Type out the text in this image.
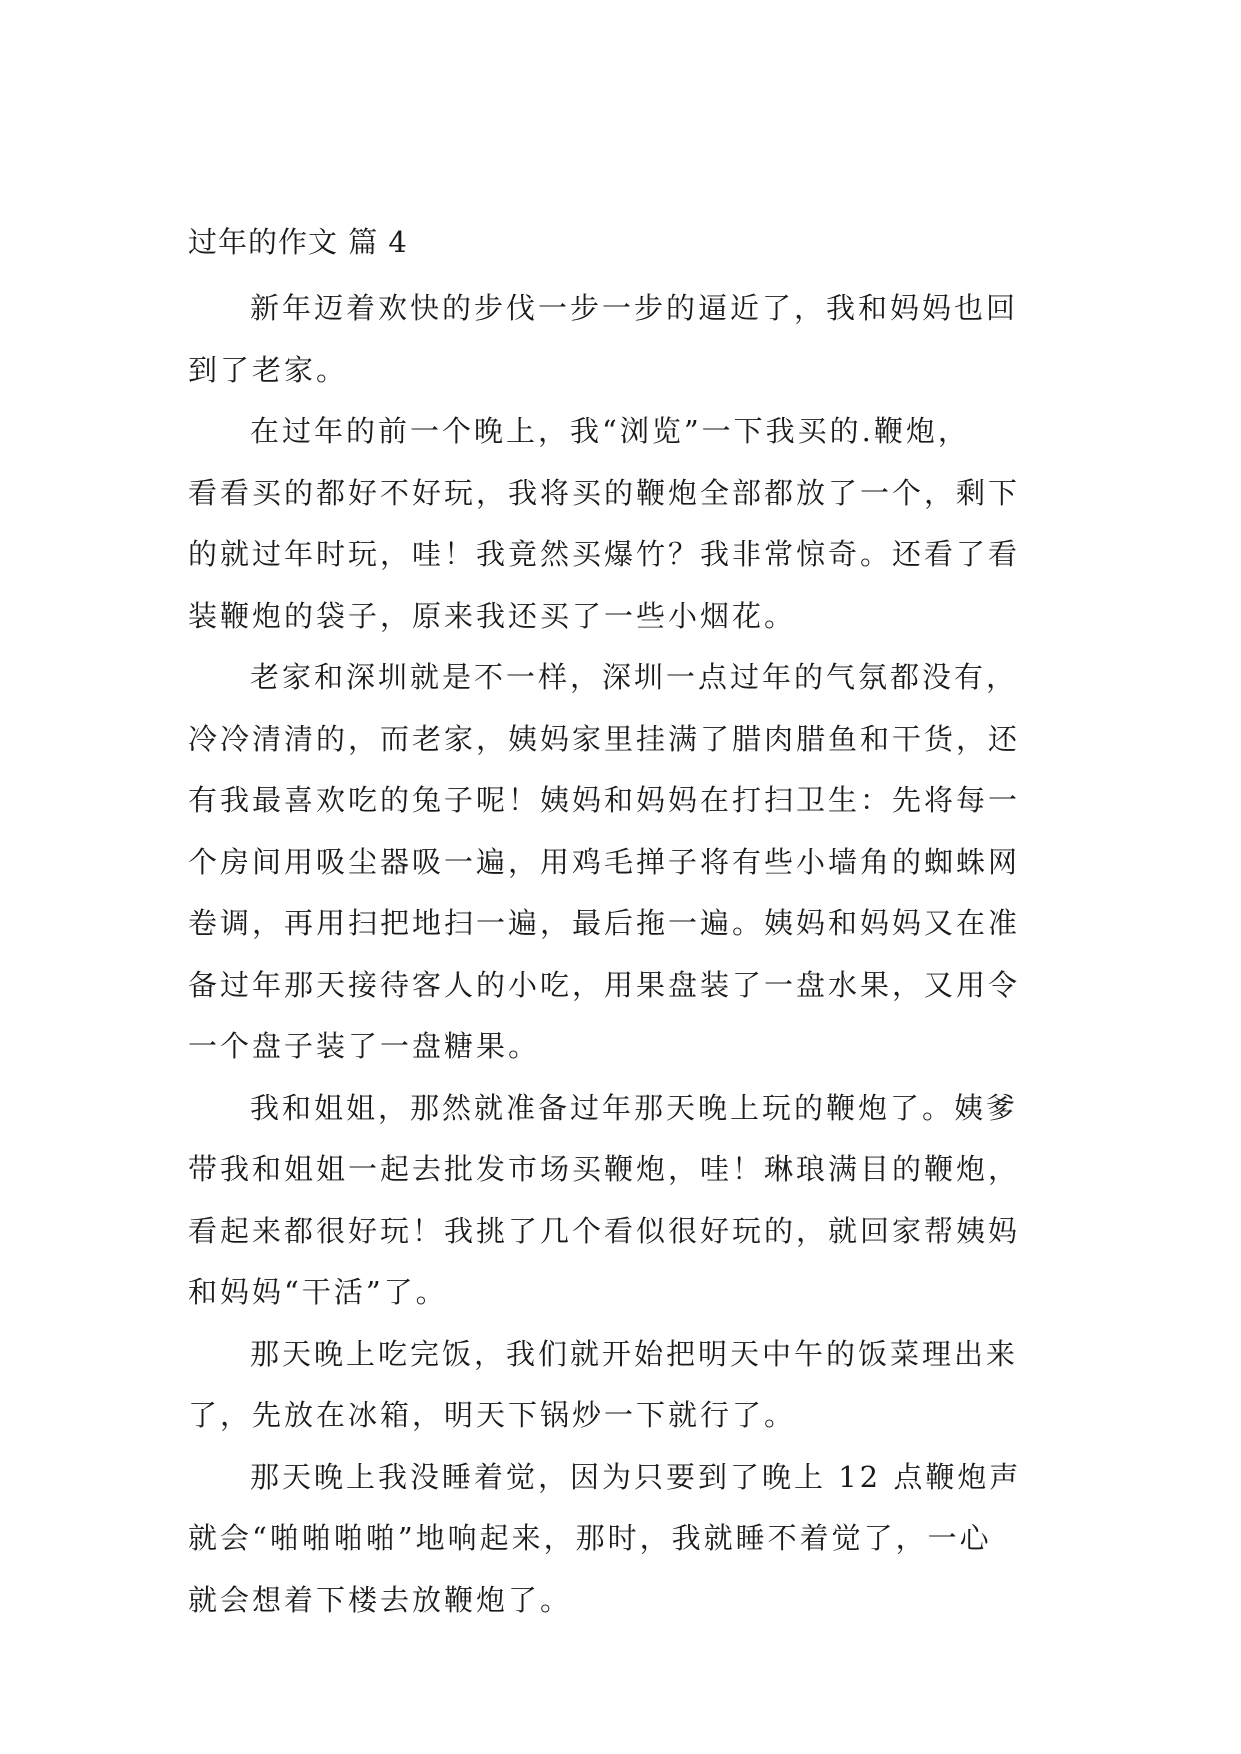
过年的作文 篇 4

新年迈着欢快的步伐一步一步的逼近了，我和妈妈也回
到了老家。

在过年的前一个晚上，我“浏览”一下我买的.鞭炮，
看看买的都好不好玩，我将买的鞭炮全部都放了一个，剩下
的就过年时玩，哇！我竟然买爆竹？我非常惊奇。还看了看
装鞭炮的袋子，原来我还买了一些小烟花。

老家和深圳就是不一样，深圳一点过年的气氛都没有，
冷冷清清的，而老家，姨妈家里挂满了腊肉腊鱼和干货，还
有我最喜欢吃的兔子呢！姨妈和妈妈在打扫卫生：先将每一
个房间用吸尘器吸一遍，用鸡毛掸子将有些小墙角的蜘蛛网
卷调，再用扫把地扫一遍，最后拖一遍。姨妈和妈妈又在准
备过年那天接待客人的小吃，用果盘装了一盘水果，又用令
一个盘子装了一盘糖果。

我和姐姐，那然就准备过年那天晚上玩的鞭炮了。姨爹
带我和姐姐一起去批发市场买鞭炮，哇！琳琅满目的鞭炮，
看起来都很好玩！我挑了几个看似很好玩的，就回家帮姨妈
和妈妈“干活”了。

那天晚上吃完饭，我们就开始把明天中午的饭菜理出来
了，先放在冰箱，明天下锅炒一下就行了。

那天晚上我没睡着觉，因为只要到了晚上 12 点鞭炮声
就会“啪啪啪啪”地响起来，那时，我就睡不着觉了，一心
就会想着下楼去放鞭炮了。
